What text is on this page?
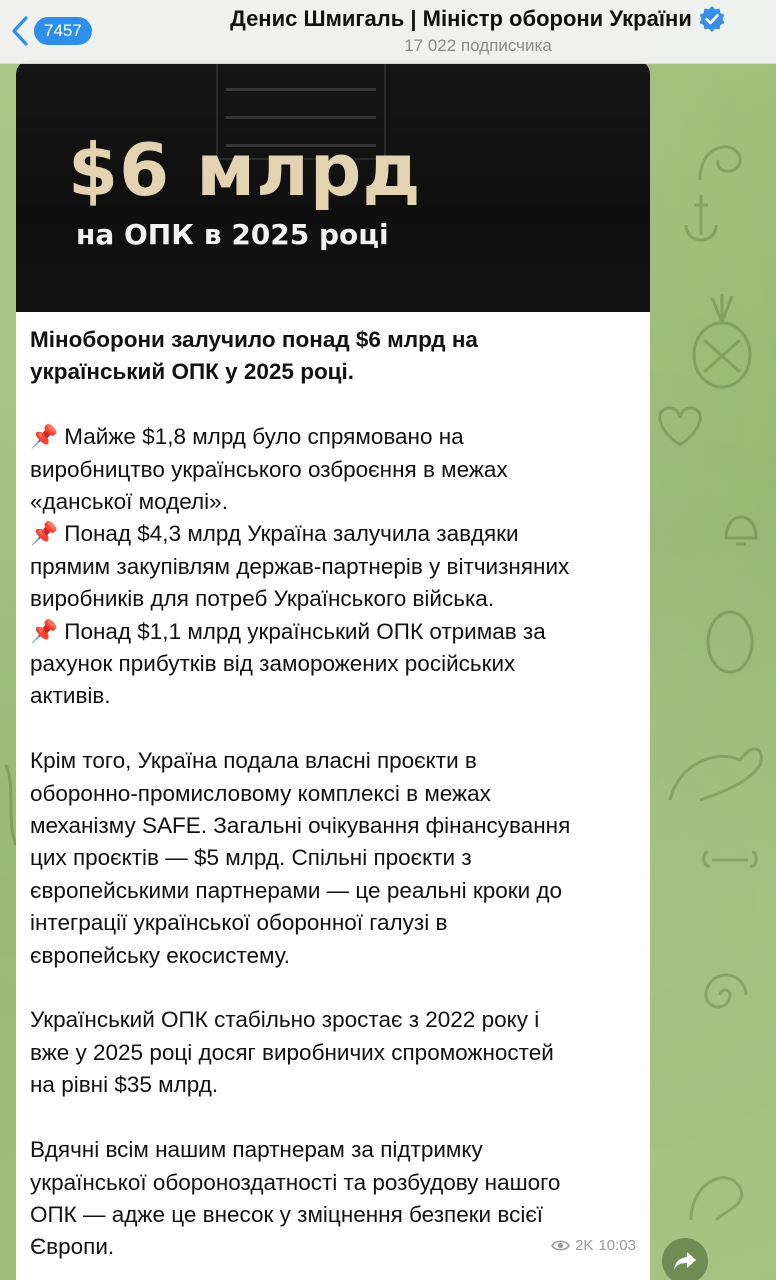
7457	Денис Шмигаль | Міністр оборони України
17 022 подписчика
$6 млрд
на ОПК в 2025 році

Міноборони залучило понад $6 млрд на

український ОПК у 2025 році.

📌 Майже $1,8 млрд було спрямовано на

виробництво українського озброєння в межах

«данської моделі».

📌 Понад $4,3 млрд Україна залучила завдяки

прямим закупівлям держав-партнерів у вітчизняних

виробників для потреб Українського війська.

📌 Понад $1,1 млрд український ОПК отримав за

рахунок прибутків від заморожених російських

активів.

Крім того, Україна подала власні проєкти в

оборонно-промисловому комплексі в межах

механізму SAFE. Загальні очікування фінансування

цих проєктів — $5 млрд. Спільні проєкти з

європейськими партнерами — це реальні кроки до

інтеграції української оборонної галузі в

європейську екосистему.

Український ОПК стабільно зростає з 2022 року і

вже у 2025 році досяг виробничих спроможностей

на рівні $35 млрд.

Вдячні всім нашим партнерам за підтримку

української обороноздатності та розбудову нашого

ОПК — адже це внесок у зміцнення безпеки всієї

Європи.	2K 10:03
